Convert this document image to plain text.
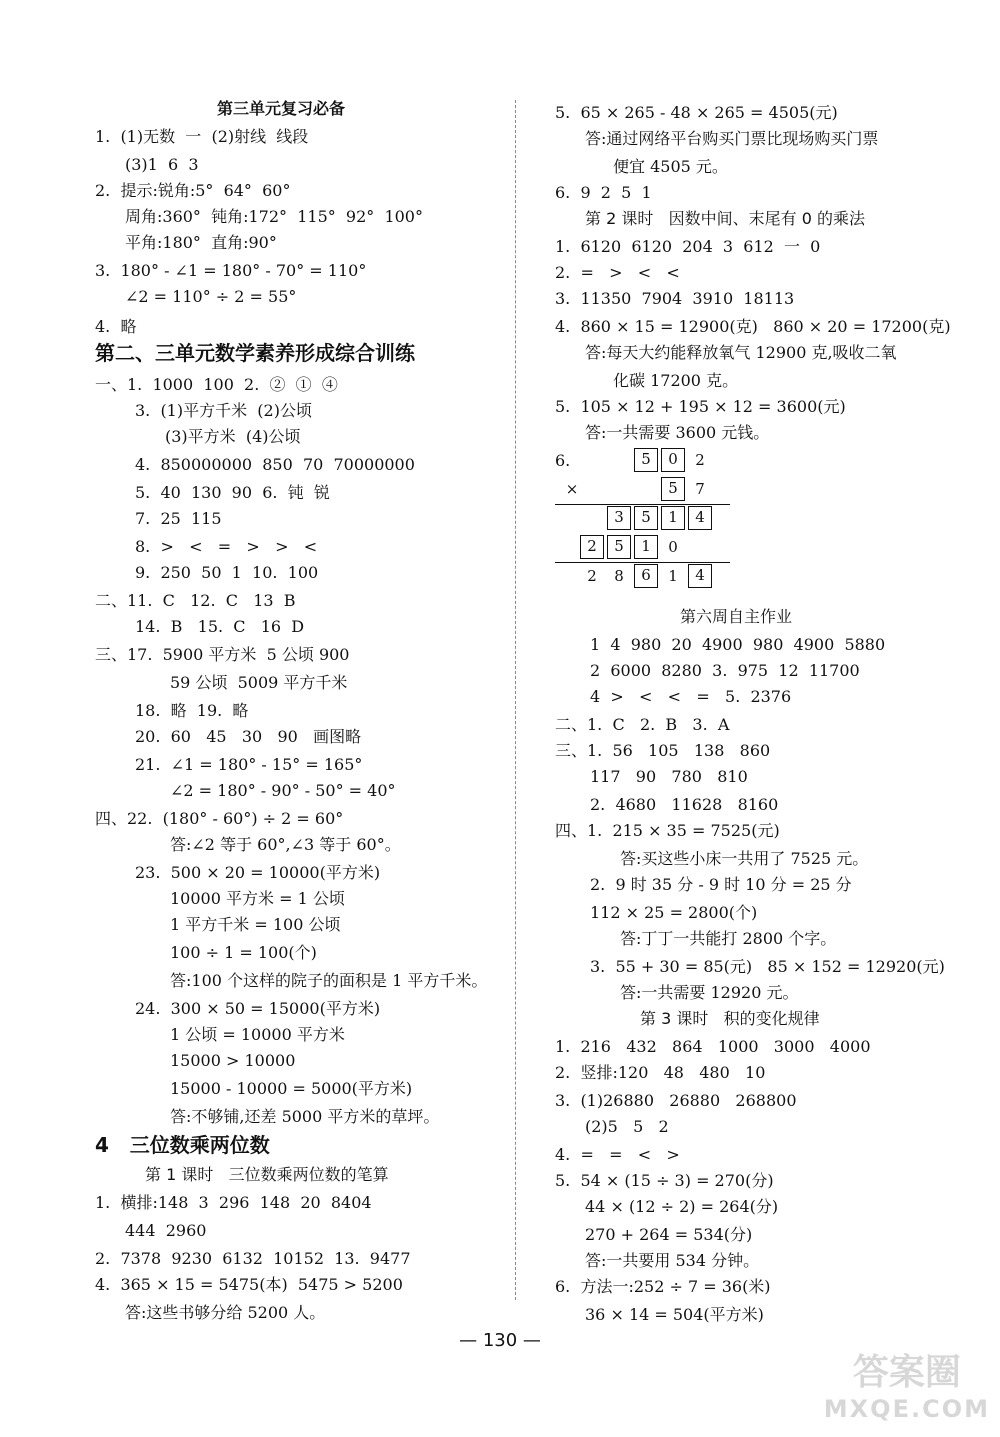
第三单元复习必备
1.  (1)无数  一  (2)射线  线段
(3)1  6  3
2.  提示:锐角:5°  64°  60°
周角:360°  钝角:172°  115°  92°  100°
平角:180°  直角:90°
3.  180° - ∠1 = 180° - 70° = 110°
∠2 = 110° ÷ 2 = 55°
4.  略
第二、三单元数学素养形成综合训练
一、1.  1000  100  2.  ②  ①  ④
3.  (1)平方千米  (2)公顷
(3)平方米  (4)公顷
4.  850000000  850  70  70000000
5.  40  130  90  6.  钝  锐
7.  25  115
8.  >   <   =   >   >   <
9.  250  50  1  10.  100
二、11.  C   12.  C   13  B
14.  B   15.  C   16  D
三、17.  5900 平方米  5 公顷 900
59 公顷  5009 平方千米
18.  略  19.  略
20.  60   45   30   90   画图略
21.  ∠1 = 180° - 15° = 165°
∠2 = 180° - 90° - 50° = 40°
四、22.  (180° - 60°) ÷ 2 = 60°
答:∠2 等于 60°,∠3 等于 60°。
23.  500 × 20 = 10000(平方米)
10000 平方米 = 1 公顷
1 平方千米 = 100 公顷
100 ÷ 1 = 100(个)
答:100 个这样的院子的面积是 1 平方千米。
24.  300 × 50 = 15000(平方米)
1 公顷 = 10000 平方米
15000 > 10000
15000 - 10000 = 5000(平方米)
答:不够铺,还差 5000 平方米的草坪。
4   三位数乘两位数
第 1 课时   三位数乘两位数的笔算
1.  横排:148  3  296  148  20  8404
444  2960
2.  7378  9230  6132  10152  13.  9477
4.  365 × 15 = 5475(本)  5475 > 5200
答:这些书够分给 5200 人。
5	0	2
×	5	7
3	5	1	4
2	5	1	0
2	8	6	1	4
5.  65 × 265 - 48 × 265 = 4505(元)
答:通过网络平台购买门票比现场购买门票
便宜 4505 元。
6.  9  2  5  1
第 2 课时   因数中间、末尾有 0 的乘法
1.  6120  6120  204  3  612  一  0
2.  =   >   <   <
3.  11350  7904  3910  18113
4.  860 × 15 = 12900(克)   860 × 20 = 17200(克)
答:每天大约能释放氧气 12900 克,吸收二氧
化碳 17200 克。
5.  105 × 12 + 195 × 12 = 3600(元)
答:一共需要 3600 元钱。
6.
第六周自主作业
1  4  980  20  4900  980  4900  5880
2  6000  8280  3.  975  12  11700
4  >   <   <   =   5.  2376
二、1.  C   2.  B   3.  A
三、1.  56   105   138   860
117   90   780   810
2.  4680   11628   8160
四、1.  215 × 35 = 7525(元)
答:买这些小床一共用了 7525 元。
2.  9 时 35 分 - 9 时 10 分 = 25 分
112 × 25 = 2800(个)
答:丁丁一共能打 2800 个字。
3.  55 + 30 = 85(元)   85 × 152 = 12920(元)
答:一共需要 12920 元。
第 3 课时   积的变化规律
1.  216   432   864   1000   3000   4000
2.  竖排:120   48   480   10
3.  (1)26880   26880   268800
(2)5   5   2
4.  =   =   <   >
5.  54 × (15 ÷ 3) = 270(分)
44 × (12 ÷ 2) = 264(分)
270 + 264 = 534(分)
答:一共要用 534 分钟。
6.  方法一:252 ÷ 7 = 36(米)
36 × 14 = 504(平方米)
— 130 —
答案圈
MXQE.COM
